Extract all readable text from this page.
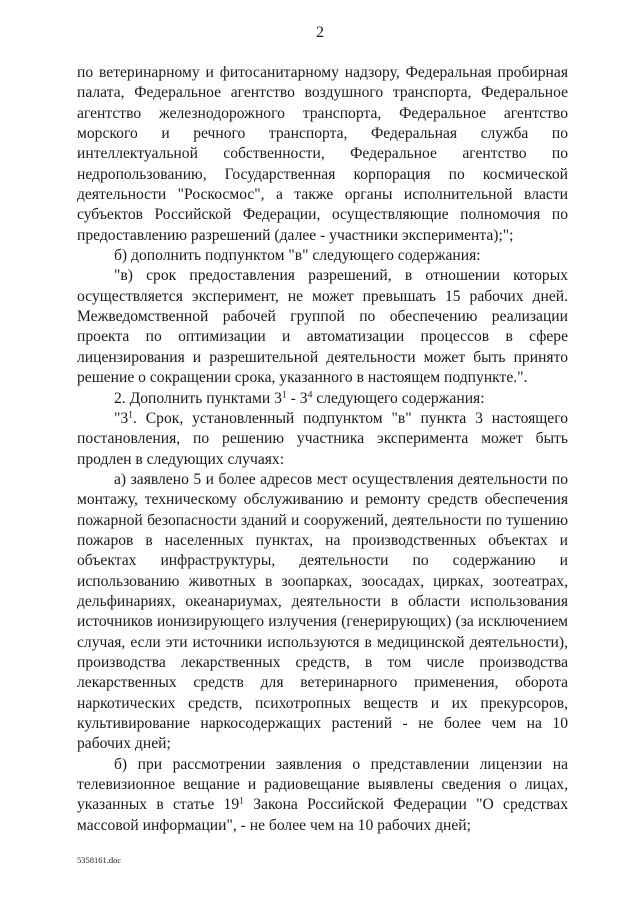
2

по ветеринарному и фитосанитарному надзору, Федеральная пробирная палата, Федеральное агентство воздушного транспорта, Федеральное агентство железнодорожного транспорта, Федеральное агентство морского и речного транспорта, Федеральная служба по интеллектуальной собственности, Федеральное агентство по недропользованию, Государственная корпорация по космической деятельности "Роскосмос", а также органы исполнительной власти субъектов Российской Федерации, осуществляющие полномочия по предоставлению разрешений (далее - участники эксперимента);";

б) дополнить подпунктом "в" следующего содержания:

"в) срок предоставления разрешений, в отношении которых осуществляется эксперимент, не может превышать 15 рабочих дней. Межведомственной рабочей группой по обеспечению реализации проекта по оптимизации и автоматизации процессов в сфере лицензирования и разрешительной деятельности может быть принято решение о сокращении срока, указанного в настоящем подпункте.".

2. Дополнить пунктами $3^1 - 3^4$ следующего содержания:

"$3^1$. Срок, установленный подпунктом "в" пункта 3 настоящего постановления, по решению участника эксперимента может быть продлен в следующих случаях:

а) заявлено 5 и более адресов мест осуществления деятельности по монтажу, техническому обслуживанию и ремонту средств обеспечения пожарной безопасности зданий и сооружений, деятельности по тушению пожаров в населенных пунктах, на производственных объектах и объектах инфраструктуры, деятельности по содержанию и использованию животных в зоопарках, зоосадах, цирках, зоотеатрах, дельфинариях, океанариумах, деятельности в области использования источников ионизирующего излучения (генерирующих) (за исключением случая, если эти источники используются в медицинской деятельности), производства лекарственных средств, в том числе производства лекарственных средств для ветеринарного применения, оборота наркотических средств, психотропных веществ и их прекурсоров, культивирование наркосодержащих растений - не более чем на 10 рабочих дней;

б) при рассмотрении заявления о представлении лицензии на телевизионное вещание и радиовещание выявлены сведения о лицах, указанных в статье $19^1$ Закона Российской Федерации "О средствах массовой информации", - не более чем на 10 рабочих дней;

5358161.doc
